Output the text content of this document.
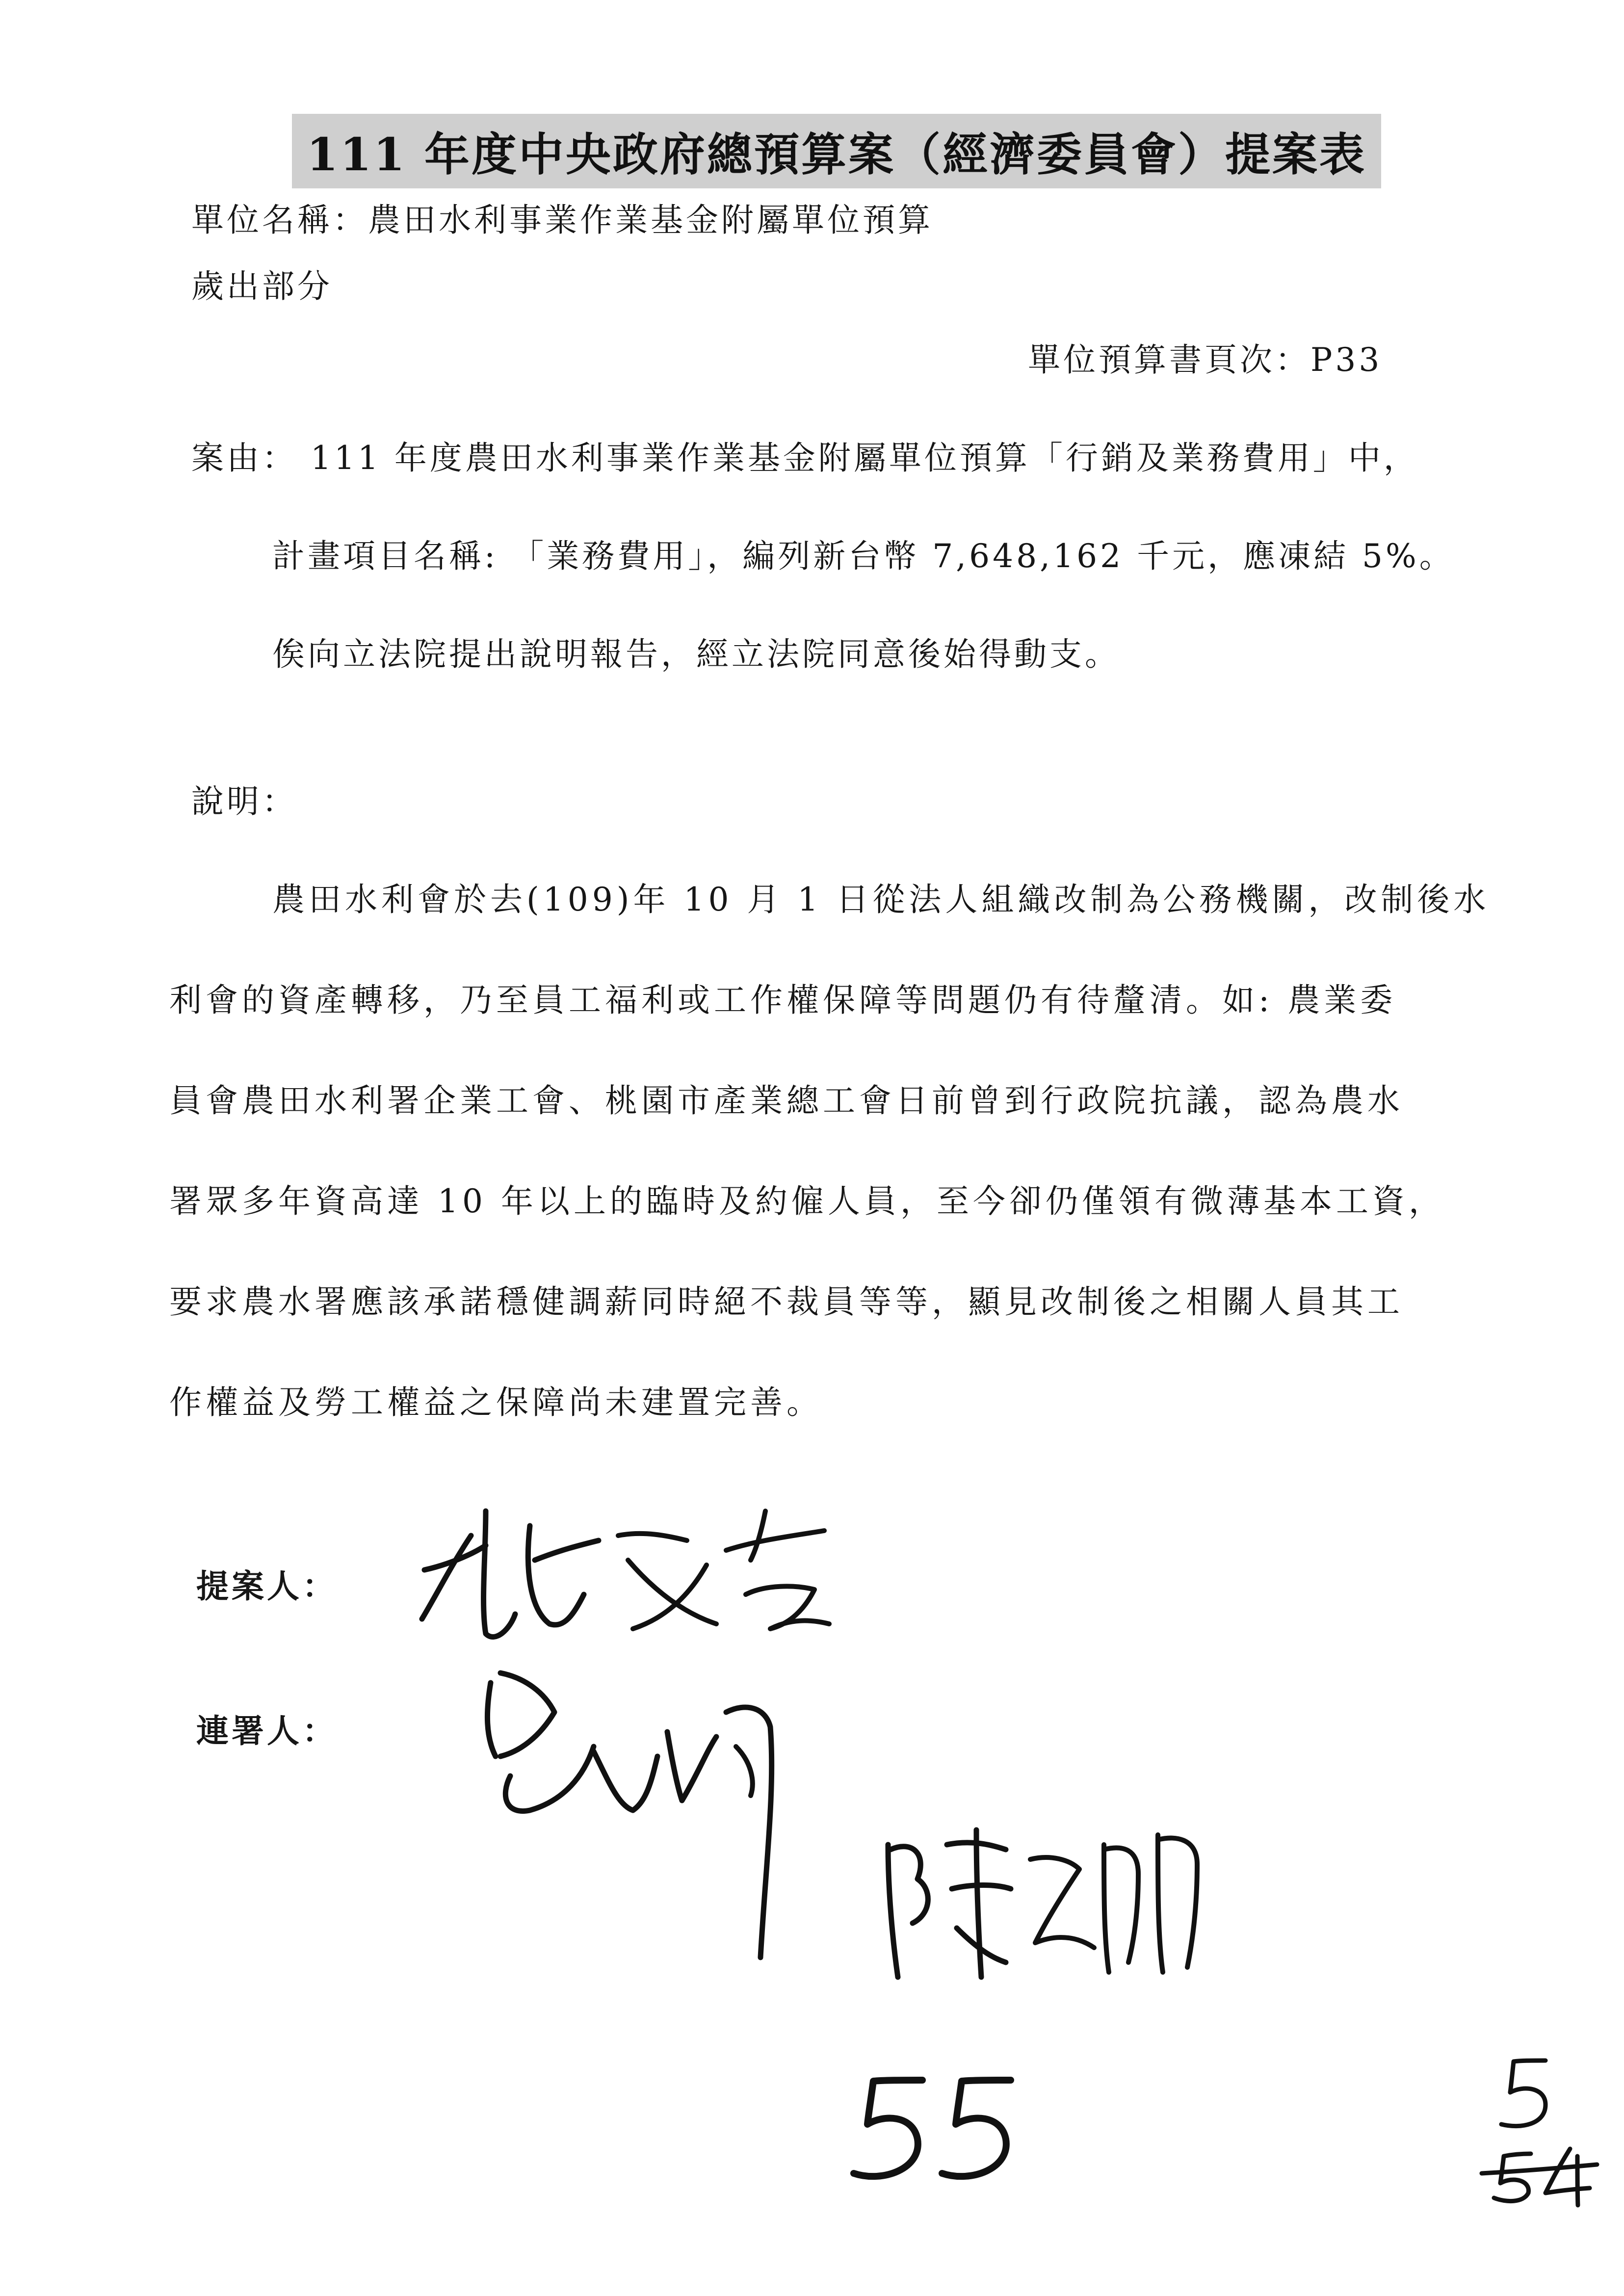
111 年度中央政府總預算案（經濟委員會）提案表
單位名稱：農田水利事業作業基金附屬單位預算
歲出部分
單位預算書頁次：P33
案由： 111 年度農田水利事業作業基金附屬單位預算「行銷及業務費用」中，
計畫項目名稱: 「業務費用」，編列新台幣 7,648,162 千元，應凍結 5%。
俟向立法院提出說明報告，經立法院同意後始得動支。
說明：
農田水利會於去(109)年 10 月 1 日從法人組織改制為公務機關，改制後水
利會的資產轉移，乃至員工福利或工作權保障等問題仍有待釐清。如: 農業委
員會農田水利署企業工會、桃園市產業總工會日前曾到行政院抗議，認為農水
署眾多年資高達 10 年以上的臨時及約僱人員，至今卻仍僅領有微薄基本工資，
要求農水署應該承諾穩健調薪同時絕不裁員等等，顯見改制後之相關人員其工
作權益及勞工權益之保障尚未建置完善。
提案人：
連署人：
